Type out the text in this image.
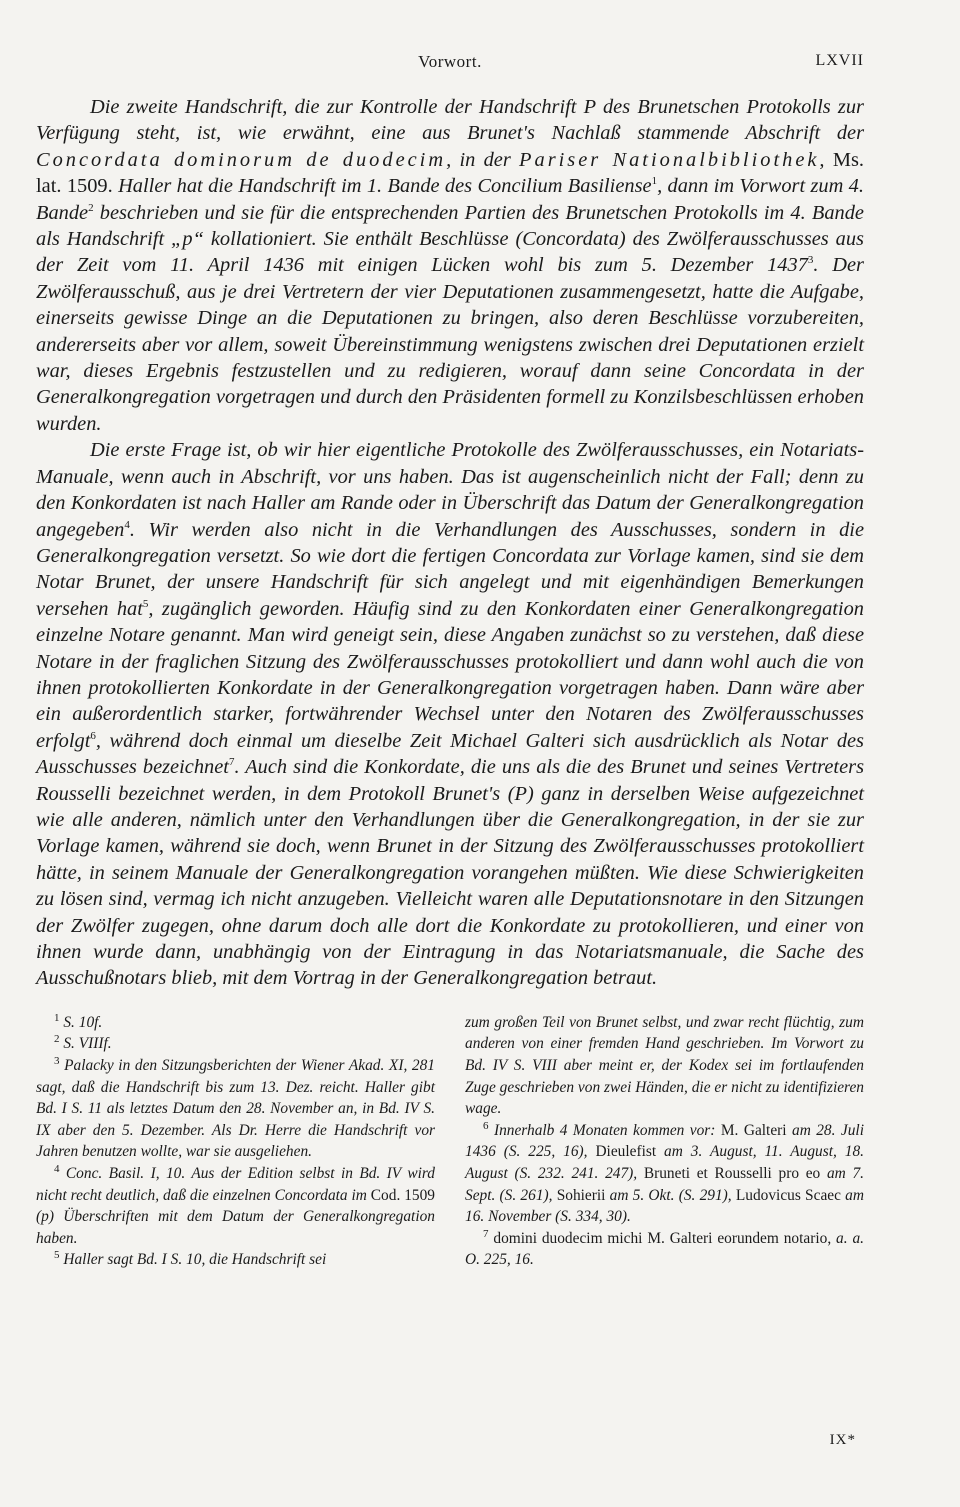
Vorwort.	LXVII

Die zweite Handschrift, die zur Kontrolle der Handschrift P des Brunetschen Protokolls zur Verfügung steht, ist, wie erwähnt, eine aus Brunet's Nachlaß stammende Abschrift der Concordata dominorum de duodecim, in der Pariser Nationalbibliothek, Ms. lat. 1509. Haller hat die Handschrift im 1. Bande des Concilium Basiliense$^1$, dann im Vorwort zum 4. Bande$^2$ beschrieben und sie für die entsprechenden Partien des Brunetschen Protokolls im 4. Bande als Handschrift „p“ kollationiert. Sie enthält Beschlüsse (Concordata) des Zwölferausschusses aus der Zeit vom 11. April 1436 mit einigen Lücken wohl bis zum 5. Dezember 1437$^3$. Der Zwölferausschuß, aus je drei Vertretern der vier Deputationen zusammengesetzt, hatte die Aufgabe, einerseits gewisse Dinge an die Deputationen zu bringen, also deren Beschlüsse vorzubereiten, andererseits aber vor allem, soweit Übereinstimmung wenigstens zwischen drei Deputationen erzielt war, dieses Ergebnis festzustellen und zu redigieren, worauf dann seine Concordata in der Generalkongregation vorgetragen und durch den Präsidenten formell zu Konzilsbeschlüssen erhoben wurden.

Die erste Frage ist, ob wir hier eigentliche Protokolle des Zwölferausschusses, ein Notariats-Manuale, wenn auch in Abschrift, vor uns haben. Das ist augenscheinlich nicht der Fall; denn zu den Konkordaten ist nach Haller am Rande oder in Überschrift das Datum der Generalkongregation angegeben$^4$. Wir werden also nicht in die Verhandlungen des Ausschusses, sondern in die Generalkongregation versetzt. So wie dort die fertigen Concordata zur Vorlage kamen, sind sie dem Notar Brunet, der unsere Handschrift für sich angelegt und mit eigenhändigen Bemerkungen versehen hat$^5$, zugänglich geworden. Häufig sind zu den Konkordaten einer Generalkongregation einzelne Notare genannt. Man wird geneigt sein, diese Angaben zunächst so zu verstehen, daß diese Notare in der fraglichen Sitzung des Zwölferausschusses protokolliert und dann wohl auch die von ihnen protokollierten Konkordate in der Generalkongregation vorgetragen haben. Dann wäre aber ein außerordentlich starker, fortwährender Wechsel unter den Notaren des Zwölferausschusses erfolgt$^6$, während doch einmal um dieselbe Zeit Michael Galteri sich ausdrücklich als Notar des Ausschusses bezeichnet$^7$. Auch sind die Konkordate, die uns als die des Brunet und seines Vertreters Rousselli bezeichnet werden, in dem Protokoll Brunet's (P) ganz in derselben Weise aufgezeichnet wie alle anderen, nämlich unter den Verhandlungen über die Generalkongregation, in der sie zur Vorlage kamen, während sie doch, wenn Brunet in der Sitzung des Zwölferausschusses protokolliert hätte, in seinem Manuale der Generalkongregation vorangehen müßten. Wie diese Schwierigkeiten zu lösen sind, vermag ich nicht anzugeben. Vielleicht waren alle Deputationsnotare in den Sitzungen der Zwölfer zugegen, ohne darum doch alle dort die Konkordate zu protokollieren, und einer von ihnen wurde dann, unabhängig von der Eintragung in das Notariatsmanuale, die Sache des Ausschußnotars blieb, mit dem Vortrag in der Generalkongregation betraut.

$^1$ S. 10f.

$^2$ S. VIIIf.

$^3$ Palacky in den Sitzungsberichten der Wiener Akad. XI, 281 sagt, daß die Handschrift bis zum 13. Dez. reicht. Haller gibt Bd. I S. 11 als letztes Datum den 28. November an, in Bd. IV S. IX aber den 5. Dezember. Als Dr. Herre die Handschrift vor Jahren benutzen wollte, war sie ausgeliehen.

$^4$ Conc. Basil. I, 10. Aus der Edition selbst in Bd. IV wird nicht recht deutlich, daß die einzelnen Concordata im Cod. 1509 (p) Überschriften mit dem Datum der Generalkongregation haben.

$^5$ Haller sagt Bd. I S. 10, die Handschrift sei

zum großen Teil von Brunet selbst, und zwar recht flüchtig, zum anderen von einer fremden Hand geschrieben. Im Vorwort zu Bd. IV S. VIII aber meint er, der Kodex sei im fortlaufenden Zuge geschrieben von zwei Händen, die er nicht zu identifizieren wage.

$^6$ Innerhalb 4 Monaten kommen vor: M. Galteri am 28. Juli 1436 (S. 225, 16), Dieulefist am 3. August, 11. August, 18. August (S. 232. 241. 247), Bruneti et Rousselli pro eo am 7. Sept. (S. 261), Sohierii am 5. Okt. (S. 291), Ludovicus Scaec am 16. November (S. 334, 30).

$^7$ domini duodecim michi M. Galteri eorundem notario, a. a. O. 225, 16.

IX*
